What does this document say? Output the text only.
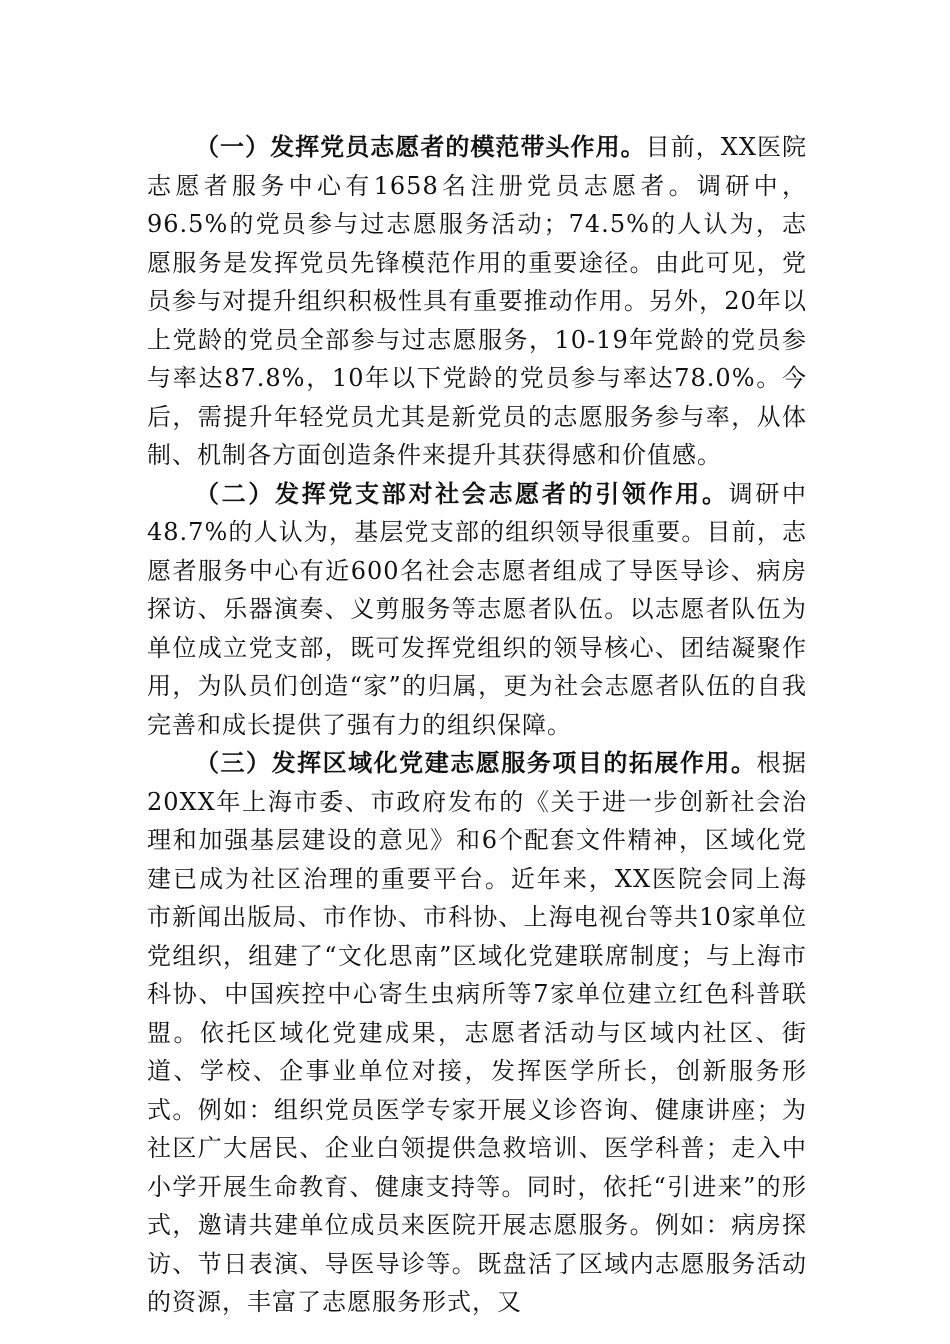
（一）发挥党员志愿者的模范带头作用。目前，XX医院志愿者服务中心有1658名注册党员志愿者。调研中，96.5%的党员参与过志愿服务活动；74.5%的人认为，志愿服务是发挥党员先锋模范作用的重要途径。由此可见，党员参与对提升组织积极性具有重要推动作用。另外，20年以上党龄的党员全部参与过志愿服务，10-19年党龄的党员参与率达87.8%，10年以下党龄的党员参与率达78.0%。今后，需提升年轻党员尤其是新党员的志愿服务参与率，从体制、机制各方面创造条件来提升其获得感和价值感。

（二）发挥党支部对社会志愿者的引领作用。调研中48.7%的人认为，基层党支部的组织领导很重要。目前，志愿者服务中心有近600名社会志愿者组成了导医导诊、病房探访、乐器演奏、义剪服务等志愿者队伍。以志愿者队伍为单位成立党支部，既可发挥党组织的领导核心、团结凝聚作用，为队员们创造“家”的归属，更为社会志愿者队伍的自我完善和成长提供了强有力的组织保障。

（三）发挥区域化党建志愿服务项目的拓展作用。根据20XX年上海市委、市政府发布的《关于进一步创新社会治理和加强基层建设的意见》和6个配套文件精神，区域化党建已成为社区治理的重要平台。近年来，XX医院会同上海市新闻出版局、市作协、市科协、上海电视台等共10家单位党组织，组建了“文化思南”区域化党建联席制度；与上海市科协、中国疾控中心寄生虫病所等7家单位建立红色科普联盟。依托区域化党建成果，志愿者活动与区域内社区、街道、学校、企事业单位对接，发挥医学所长，创新服务形式。例如：组织党员医学专家开展义诊咨询、健康讲座；为社区广大居民、企业白领提供急救培训、医学科普；走入中小学开展生命教育、健康支持等。同时，依托“引进来”的形式，邀请共建单位成员来医院开展志愿服务。例如：病房探访、节日表演、导医导诊等。既盘活了区域内志愿服务活动的资源，丰富了志愿服务形式，又
